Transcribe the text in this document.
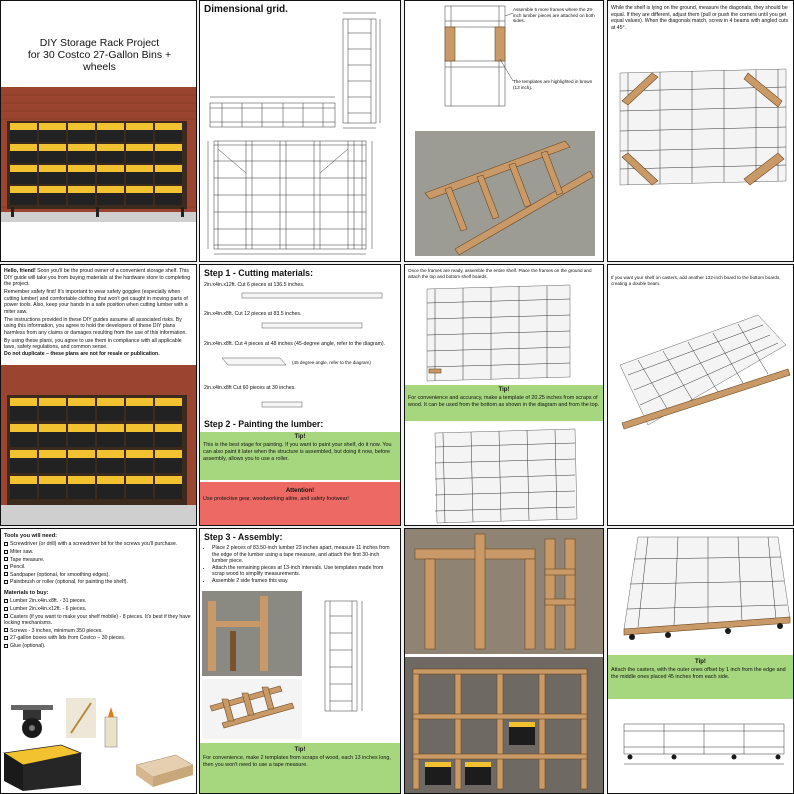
DIY Storage Rack Project
for 30 Costco 27-Gallon Bins +
wheels

Hello, friend! Soon you'll be the proud owner of a convenient storage shelf. This DIY guide will take you from buying materials at the hardware store to completing the project.

Remember safety first! It's important to wear safety goggles (especially when cutting lumber) and comfortable clothing that won't get caught in moving parts of power tools. Also, keep your hands in a safe position when cutting lumber with a miter saw.

The instructions provided in these DIY guides assume all associated risks. By using this information, you agree to hold the developers of these DIY plans harmless from any claims or damages resulting from the use of this information.

By using these plans, you agree to use them in compliance with all applicable laws, safety regulations, and common sense.

Do not duplicate – these plans are not for resale or publication.

Tools you will need:
Screwdriver (or drill) with a screwdriver bit for the screws you'll purchase.
Miter saw.
Tape measure.
Pencil.
Sandpaper (optional, for smoothing edges).
Paintbrush or roller (optional, for painting the shelf).
Materials to buy:
Lumber 2in.x4in.x8ft. - 31 pieces.
Lumber 2in.x4in.x12ft. - 6 pieces.
Casters (if you want to make your shelf mobile) - 8 pieces. It's best if they have locking mechanisms.
Screws - 3 inches, minimum 350 pieces.
27-gallon boxes with lids from Costco – 30 pieces.
Glue (optional).
Dimensional grid.
Step 1 - Cutting materials:
2in.x4in.x12ft. Cut 6 pieces at 136.5 inches.
2in.x4in.x8ft. Cut 12 pieces at 83.5 inches.
2in.x4in.x8ft. Cut 4 pieces at 48 inches (45-degree angle, refer to the diagram).
(45 degree angle, refer to the diagram)
2in.x4in.x8ft Cut 60 pieces at 30 inches.
Step 2 - Painting the lumber:
Tip!
This is the best stage for painting. If you want to paint your shelf, do it now. You can also paint it later when the structure is assembled, but doing it now, before assembly, allows you to use a roller.
Attention!
Use protective gear, woodworking attire, and safety footwear!
Step 3 - Assembly:
• Place 2 pieces of 83.50-inch lumber 23 inches apart, measure 11 inches from the edge of the lumber using a tape measure, and attach the first 30-inch lumber piece.
• Attach the remaining pieces at 13-inch intervals. Use templates made from scrap wood to simplify measurements.
• Assemble 2 side frames this way.
Tip!
For convenience, make 2 templates from scraps of wood, each 13 inches long, then you won't need to use a tape measure.
Assemble 5 more frames where the 29-inch lumber pieces are attached on both sides.
The templates are highlighted in brown (13 inch).
Once the frames are ready, assemble the entire shelf. Place the frames on the ground and attach the top and bottom shelf boards.
Tip!
For convenience and accuracy, make a template of 20.25 inches from scraps of wood. It can be used from the bottom as shown in the diagram and from the top.
While the shelf is lying on the ground, measure the diagonals, they should be equal. If they are different, adjust them (pull or push the corners until you get equal values). When the diagonals match, screw in 4 beams with angled cuts at 45°.
If you want your shelf on casters, add another 132-inch board to the bottom boards, creating a double beam.
Tip!
Attach the casters, with the outer ones offset by 1 inch from the edge and the middle ones placed 45 inches from each side.
